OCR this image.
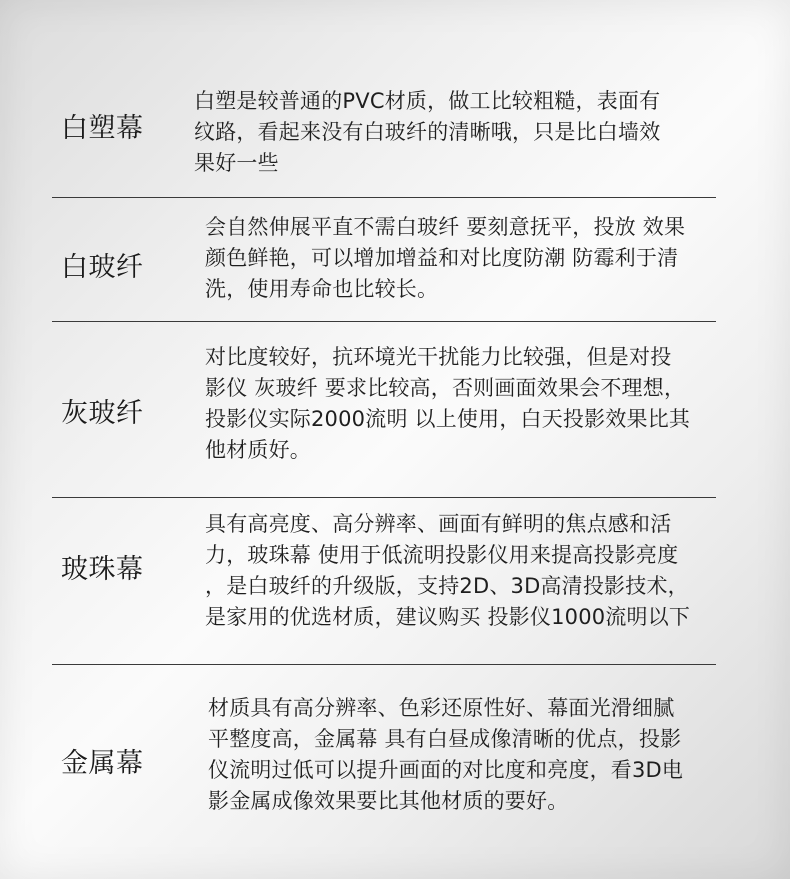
白塑幕
白塑是较普通的PVC材质，做工比较粗糙，表面有
纹路，看起来没有白玻纤的清晰哦，只是比白墙效
果好一些
白玻纤
会自然伸展平直不需白玻纤 要刻意抚平，投放 效果
颜色鲜艳，可以增加增益和对比度防潮 防霉利于清
洗，使用寿命也比较长。
灰玻纤
对比度较好，抗环境光干扰能力比较强，但是对投
影仪 灰玻纤 要求比较高，否则画面效果会不理想，
投影仪实际2000流明 以上使用，白天投影效果比其
他材质好。
玻珠幕
具有高亮度、高分辨率、画面有鲜明的焦点感和活
力，玻珠幕 使用于低流明投影仪用来提高投影亮度
，是白玻纤的升级版，支持2D、3D高清投影技术，
是家用的优选材质，建议购买 投影仪1000流明以下
金属幕
材质具有高分辨率、色彩还原性好、幕面光滑细腻
平整度高，金属幕 具有白昼成像清晰的优点，投影
仪流明过低可以提升画面的对比度和亮度，看3D电
影金属成像效果要比其他材质的要好。
